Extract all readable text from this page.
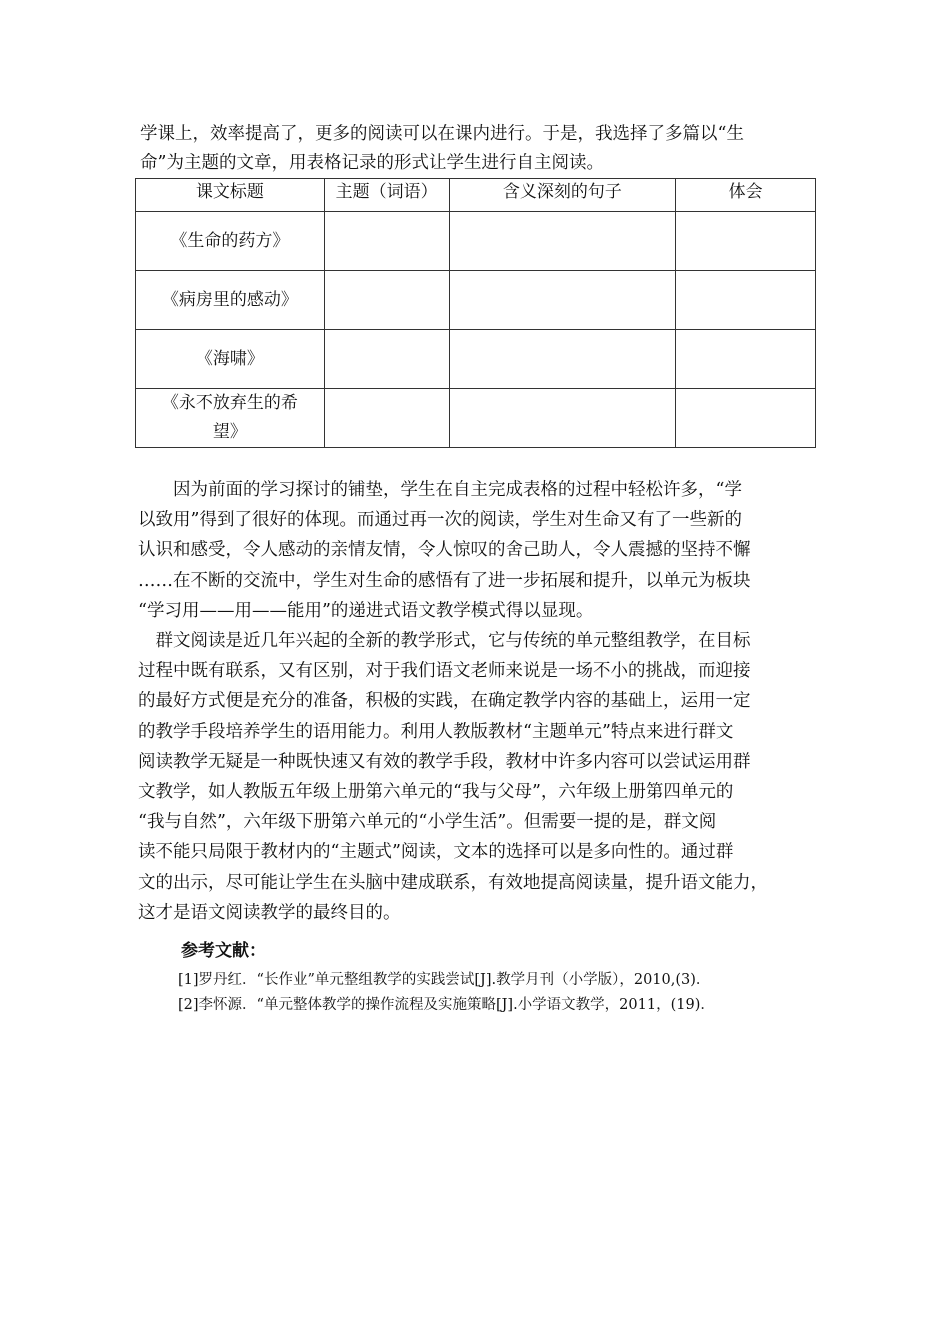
学课上，效率提高了，更多的阅读可以在课内进行。于是，我选择了多篇以“生
命”为主题的文章，用表格记录的形式让学生进行自主阅读。
课文标题	主题（词语）	含义深刻的句子	体会
《生命的药方》			
《病房里的感动》			
《海啸》			
《永不放弃生的希
望》			
　　因为前面的学习探讨的铺垫，学生在自主完成表格的过程中轻松许多，“学
以致用”得到了很好的体现。而通过再一次的阅读，学生对生命又有了一些新的
认识和感受，令人感动的亲情友情，令人惊叹的舍己助人，令人震撼的坚持不懈
……在不断的交流中，学生对生命的感悟有了进一步拓展和提升，以单元为板块
“学习用——用——能用”的递进式语文教学模式得以显现。
　群文阅读是近几年兴起的全新的教学形式，它与传统的单元整组教学，在目标
过程中既有联系，又有区别，对于我们语文老师来说是一场不小的挑战，而迎接
的最好方式便是充分的准备，积极的实践，在确定教学内容的基础上，运用一定
的教学手段培养学生的语用能力。利用人教版教材“主题单元”特点来进行群文
阅读教学无疑是一种既快速又有效的教学手段，教材中许多内容可以尝试运用群
文教学，如人教版五年级上册第六单元的“我与父母”，六年级上册第四单元的
“我与自然”，六年级下册第六单元的“小学生活”。但需要一提的是，群文阅
读不能只局限于教材内的“主题式”阅读，文本的选择可以是多向性的。通过群
文的出示，尽可能让学生在头脑中建成联系，有效地提高阅读量，提升语文能力，
这才是语文阅读教学的最终目的。

参考文献：

[1]罗丹红．“长作业”单元整组教学的实践尝试[J].教学月刊（小学版），2010,(3)．
[2]李怀源．“单元整体教学的操作流程及实施策略[J].小学语文教学，2011，(19)．
